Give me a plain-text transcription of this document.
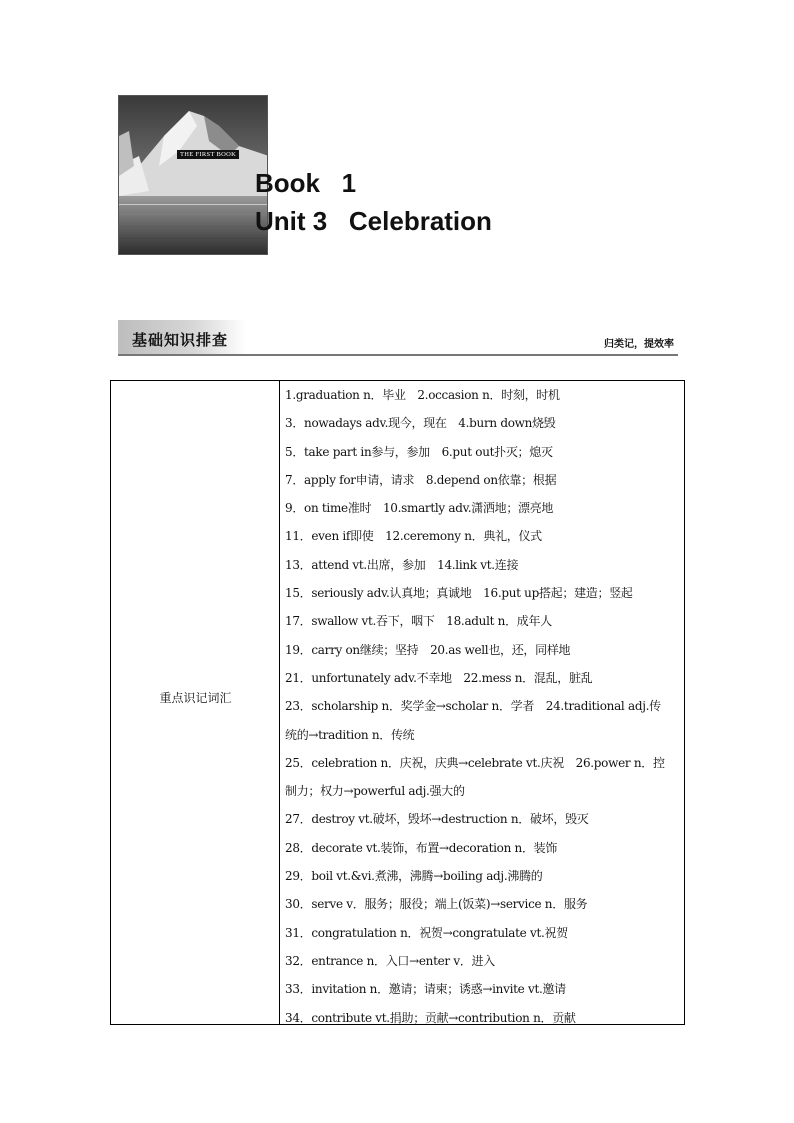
THE FIRST BOOK
Book   1
Unit 3   Celebration
基础知识排查	归类记，提效率
重点识记词汇
1.graduation n．毕业　2.occasion n．时刻，时机
3．nowadays adv.现今，现在　4.burn down烧毁
5．take part in参与，参加　6.put out扑灭；熄灭
7．apply for申请，请求　8.depend on依靠；根据
9．on time准时　10.smartly adv.潇洒地；漂亮地
11．even if即使　12.ceremony n．典礼，仪式
13．attend vt.出席，参加　14.link vt.连接
15．seriously adv.认真地；真诚地　16.put up搭起；建造；竖起
17．swallow vt.吞下，咽下　18.adult n．成年人
19．carry on继续；坚持　20.as well也，还，同样地
21．unfortunately adv.不幸地　22.mess n．混乱，脏乱
23．scholarship n．奖学金→scholar n．学者　24.traditional adj.传
统的→tradition n．传统
25．celebration n．庆祝，庆典→celebrate vt.庆祝　26.power n．控
制力；权力→powerful adj.强大的
27．destroy vt.破坏，毁坏→destruction n．破坏，毁灭
28．decorate vt.装饰，布置→decoration n．装饰
29．boil vt.&vi.煮沸，沸腾→boiling adj.沸腾的
30．serve v．服务；服役；端上(饭菜)→service n．服务
31．congratulation n．祝贺→congratulate vt.祝贺
32．entrance n．入口→enter v．进入
33．invitation n．邀请；请柬；诱惑→invite vt.邀请
34．contribute vt.捐助；贡献→contribution n．贡献
